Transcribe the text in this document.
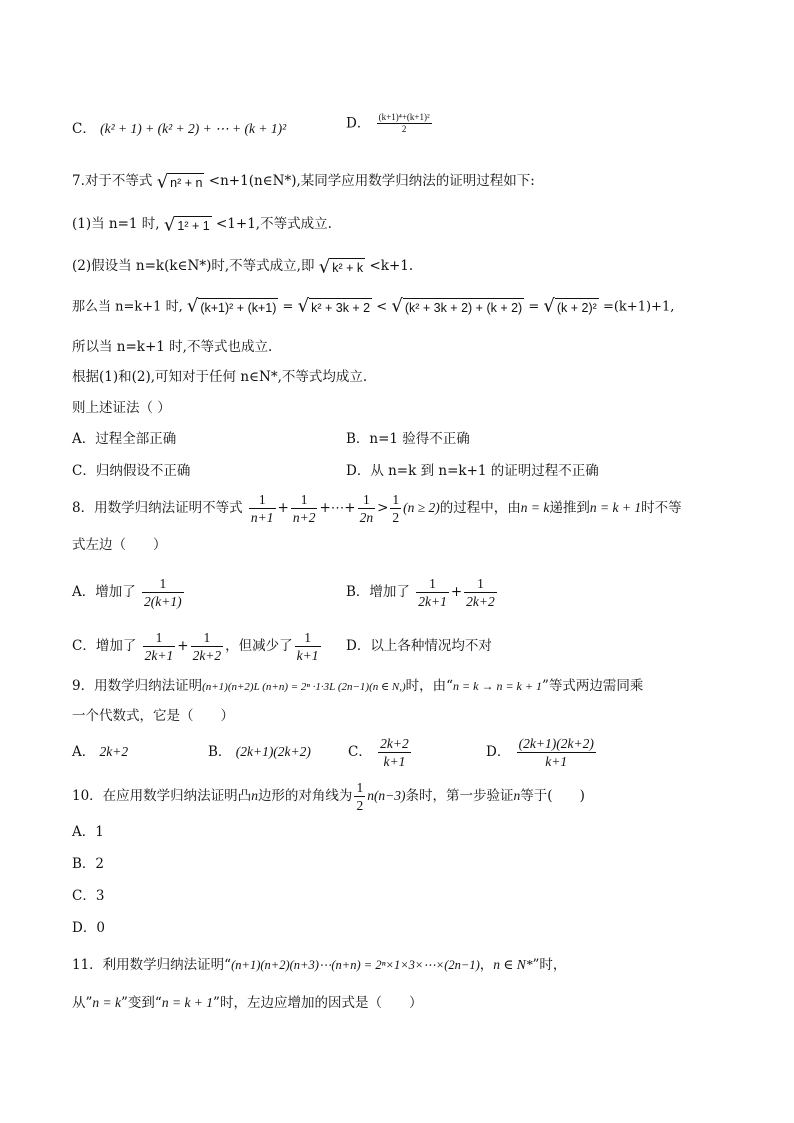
C． (k² + 1) + (k² + 2) + ⋯ + (k + 1)²	D． $\frac{\text{(k+1)⁴+(k+1)²}}{2}$
7.对于不等式 √ n² + n <n+1(n∈N*),某同学应用数学归纳法的证明过程如下:
(1)当 n=1 时, √ 1² + 1 <1+1,不等式成立.
(2)假设当 n=k(k∈N*)时,不等式成立,即 √ k² + k <k+1.
那么当 n=k+1 时, √ (k+1)² + (k+1) = √ k² + 3k + 2 < √ (k² + 3k + 2) + (k + 2) = √ (k + 2)² =(k+1)+1,
所以当 n=k+1 时,不等式也成立.
根据(1)和(2),可知对于任何 n∈N*,不等式均成立.
则上述证法（ ）
A．过程全部正确	B．n=1 验得不正确
C．归纳假设不正确	D．从 n=k 到 n=k+1 的证明过程不正确
8．用数学归纳法证明不等式 $\frac{1}{n+1} + \frac{1}{n+2}$ +⋯+ $\frac{1}{2n} > \frac{1}{2} (n \ge 2)$的过程中，由n = k递推到n = k + 1时不等
式左边（　　）
A．增加了 $\frac{1}{2(k+1)}$	B．增加了 $\frac{1}{2k+1} + \frac{1}{2k+2}$
C．增加了 $\frac{1}{2k+1} + \frac{1}{2k+2}$ ，但减少了 $\frac{1}{k+1}$ D．以上各种情况均不对
9．用数学归纳法证明(n+1)(n+2)L (n+n) = 2ⁿ ·1·3L (2n−1)(n ∈ N,)时，由“n = k → n = k + 1”等式两边需同乘
一个代数式，它是（　　）
A． 2k+2	B． (2k+1)(2k+2)	C． $\frac{2k+2}{k+1}$	D． $\frac{(2k+1)(2k+2)}{k+1}$
10．在应用数学归纳法证明凸n边形的对角线为 $\frac{1}{2} n(n-3)$条时，第一步验证n等于(　　)
A．1
B．2
C．3
D．0
11．利用数学归纳法证明“(n+1)(n+2)(n+3)⋯(n+n) = 2ⁿ×1×3×⋯×(2n−1)，n ∈ N*”时，
从”n = k”变到“n = k + 1”时，左边应增加的因式是（　　）
